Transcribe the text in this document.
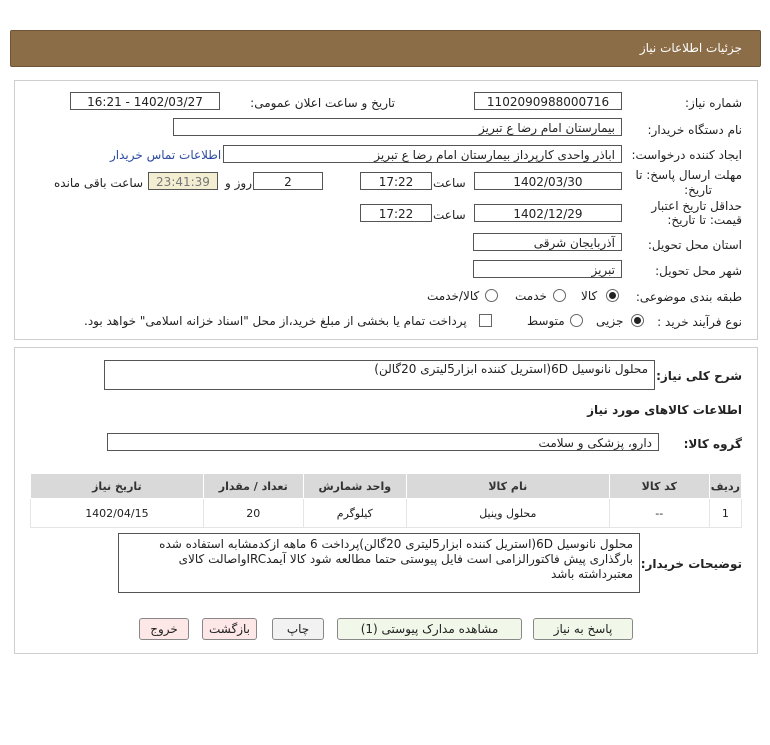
جزئیات اطلاعات نیاز
شماره نیاز:
1102090988000716
تاریخ و ساعت اعلان عمومی:
1402/03/27 - 16:21
نام دستگاه خریدار:
بیمارستان امام رضا ع تبریز
ایجاد کننده درخواست:
اباذر واحدی کارپرداز بیمارستان امام رضا ع تبریز
اطلاعات تماس خریدار
مهلت ارسال پاسخ: تا
تاریخ:
1402/03/30
ساعت
17:22
2
روز و
23:41:39
ساعت باقی مانده
حداقل تاریخ اعتبار
قیمت: تا تاریخ:
1402/12/29
ساعت
17:22
استان محل تحویل:
آذربایجان شرقی
شهر محل تحویل:
تبریز
طبقه بندی موضوعی:
کالا
خدمت
کالا/خدمت
نوع فرآیند خرید :
جزیی
متوسط
پرداخت تمام یا بخشی از مبلغ خرید،از محل "اسناد خزانه اسلامی" خواهد بود.
شرح کلی نیاز:
محلول نانوسیل 6D(استریل کننده ابزار5لیتری 20گالن)
اطلاعات کالاهای مورد نیاز
گروه کالا:
دارو، پزشکی و سلامت
ردیف	کد کالا	نام کالا	واحد شمارش	تعداد / مقدار	تاریخ نیاز
1	--	محلول وینیل	کیلوگرم	20	1402/04/15
توضیحات خریدار:
محلول نانوسیل 6D(استریل کننده ابزار5لیتری 20گالن)پرداخت 6 ماهه ازکدمشابه استفاده شده بارگذاری پیش فاکتورالزامی است فایل پیوستی حتما مطالعه شود کالا آیمدIRCواصالت کالای معتبرداشته باشد
پاسخ به نیاز
مشاهده مدارک پیوستی (1)
چاپ
بازگشت
خروج
